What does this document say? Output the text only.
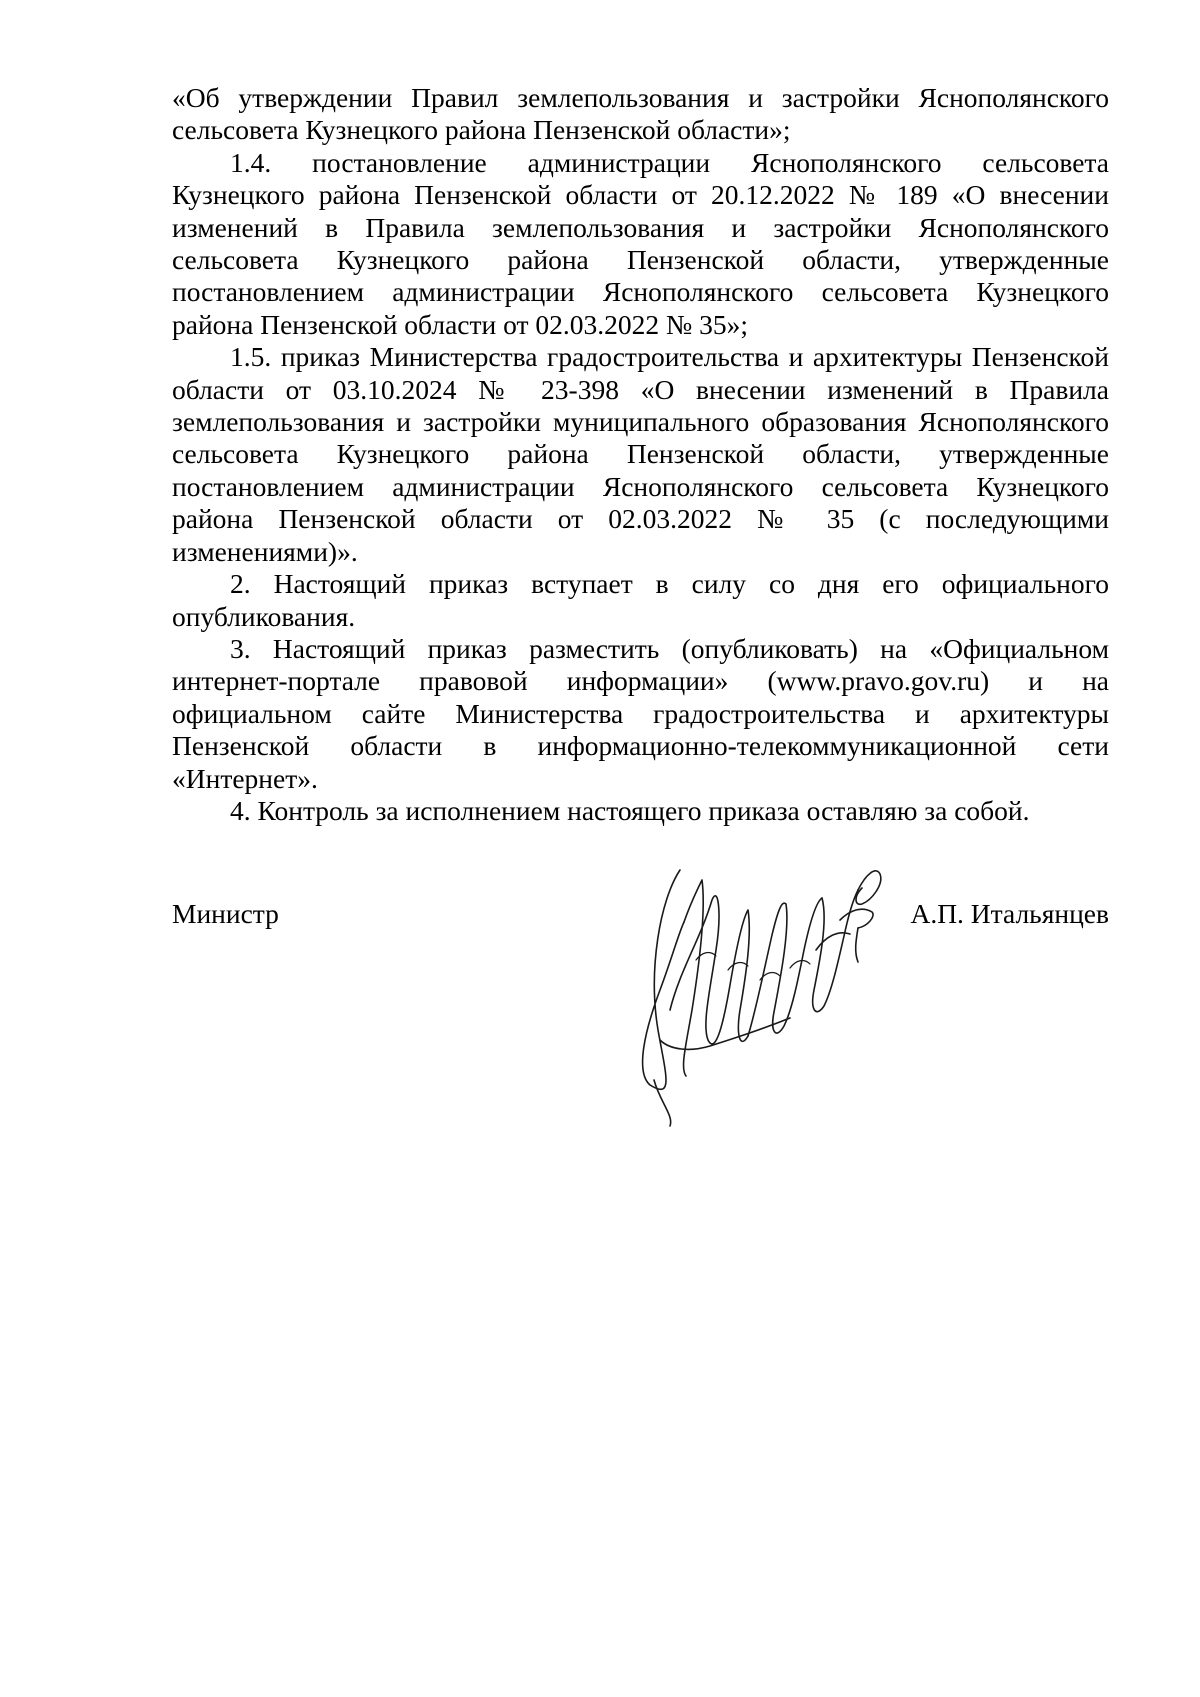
«Об утверждении Правил землепользования и застройки Яснополянского сельсовета Кузнецкого района Пензенской области»;

1.4. постановление администрации Яснополянского сельсовета Кузнецкого района Пензенской области от 20.12.2022 № 189 «О внесении изменений в Правила землепользования и застройки Яснополянского сельсовета Кузнецкого района Пензенской области, утвержденные постановлением администрации Яснополянского сельсовета Кузнецкого района Пензенской области от 02.03.2022 № 35»;

1.5. приказ Министерства градостроительства и архитектуры Пензенской области от 03.10.2024 № 23-398 «О внесении изменений в Правила землепользования и застройки муниципального образования Яснополянского сельсовета Кузнецкого района Пензенской области, утвержденные постановлением администрации Яснополянского сельсовета Кузнецкого района Пензенской области от 02.03.2022 № 35 (с последующими изменениями)».

2. Настоящий приказ вступает в силу со дня его официального опубликования.

3. Настоящий приказ разместить (опубликовать) на «Официальном интернет-портале правовой информации» (www.pravo.gov.ru) и на официальном сайте Министерства градостроительства и архитектуры Пензенской области в информационно-телекоммуникационной сети «Интернет».

4. Контроль за исполнением настоящего приказа оставляю за собой.

Министр	А.П. Итальянцев
